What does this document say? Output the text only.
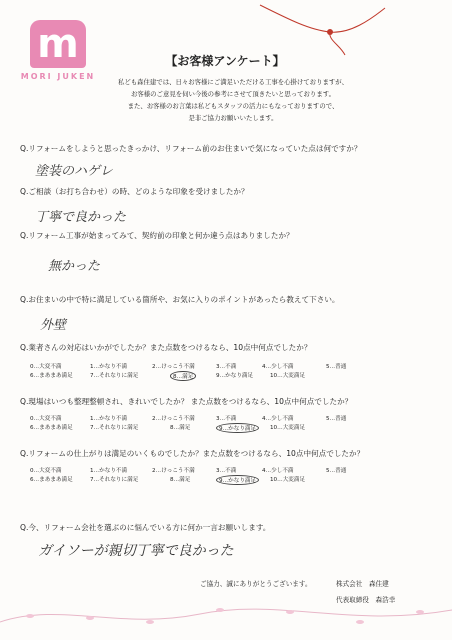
m
MORI JUKEN
【お客様アンケート】
私ども森住建では、日々お客様にご満足いただける工事を心掛けておりますが、
お客様のご意見を伺い今後の参考にさせて頂きたいと思っております。
また、お客様のお言葉は私どもスタッフの活力にもなっておりますので、
是非ご協力お願いいたします。
Q.リフォームをしようと思ったきっかけ、リフォーム前のお住まいで気になっていた点は何ですか？
塗装のハゲレ
Q.ご相談（お打ち合わせ）の時、どのような印象を受けましたか？
丁寧で良かった
Q.リフォーム工事が始まってみて、契約前の印象と何か違う点はありましたか？
無かった
Q.お住まいの中で特に満足している箇所や、お気に入りのポイントがあったら教えて下さい。
外壁
Q.業者さんの対応はいかがでしたか？また点数をつけるなら、10点中何点でしたか？
0…大変不満	1…かなり不満	2…けっこう不満	3…不満	4…少し不満	5…普通
6…まあまあ満足	7…それなりに満足	8…満足	9…かなり満足	10…大変満足
Q.現場はいつも整理整頓され、きれいでしたか？ また点数をつけるなら、10点中何点でしたか？
0…大変不満	1…かなり不満	2…けっこう不満	3…不満	4…少し不満	5…普通
6…まあまあ満足	7…それなりに満足	8…満足	9…かなり満足	10…大変満足
Q.リフォームの仕上がりは満足のいくものでしたか？また点数をつけるなら、10点中何点でしたか？
0…大変不満	1…かなり不満	2…けっこう不満	3…不満	4…少し不満	5…普通
6…まあまあ満足	7…それなりに満足	8…満足	9…かなり満足	10…大変満足
Q.今、リフォーム会社を選ぶのに悩んでいる方に何か一言お願いします。
ガイソーが親切丁寧で良かった
ご協力、誠にありがとうございます。	株式会社　森住建
代表取締役　森浩幸
